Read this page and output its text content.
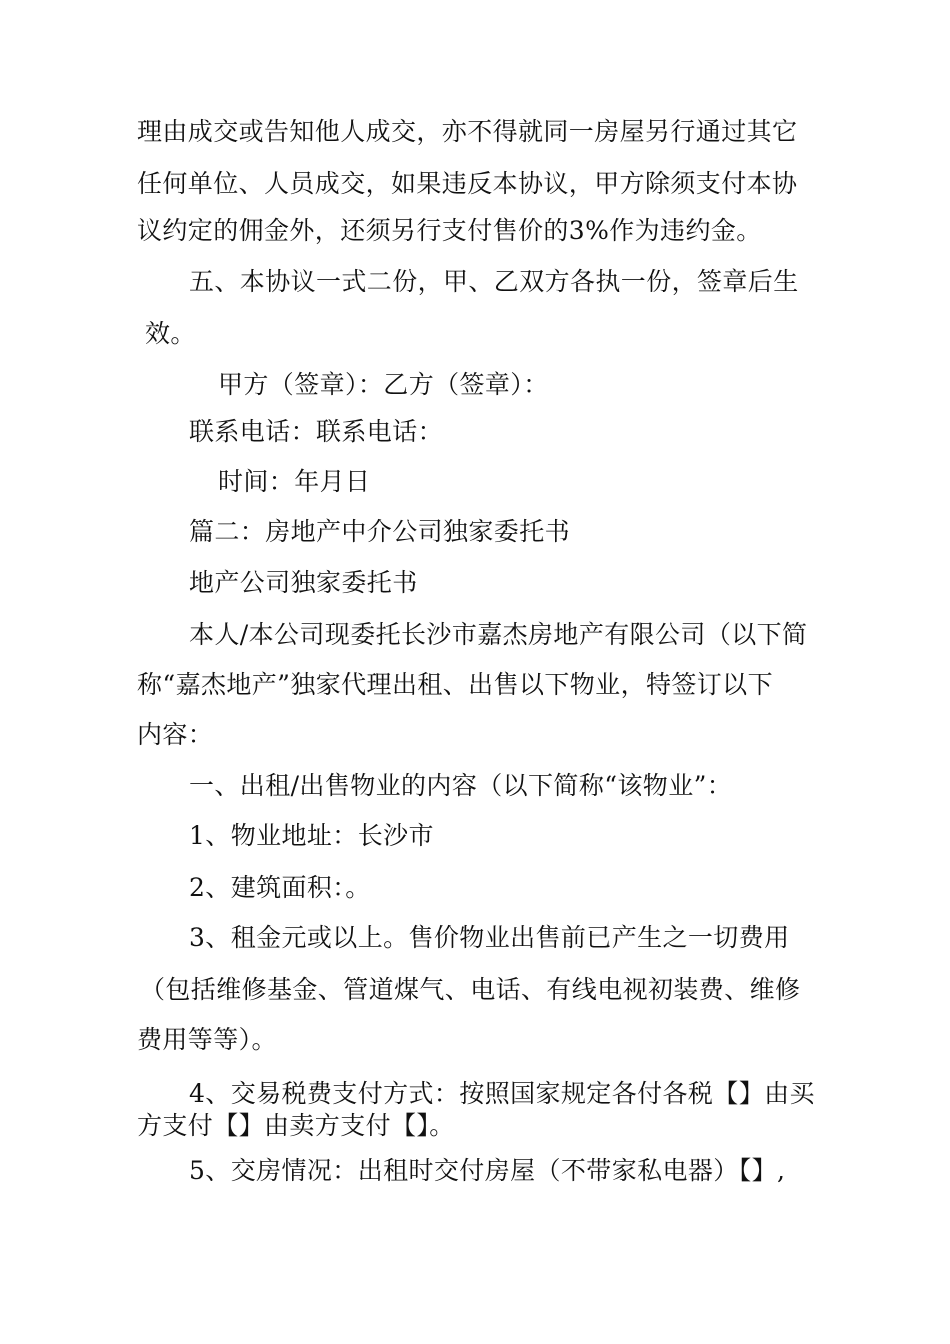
理由成交或告知他人成交，亦不得就同一房屋另行通过其它
任何单位、人员成交，如果违反本协议，甲方除须支付本协
议约定的佣金外，还须另行支付售价的3%作为违约金。
五、本协议一式二份，甲、乙双方各执一份，签章后生
效。
甲方（签章）：乙方（签章）：
联系电话：联系电话：
时间：年月日
篇二：房地产中介公司独家委托书
地产公司独家委托书
本人/本公司现委托长沙市嘉杰房地产有限公司（以下简
称“嘉杰地产”独家代理出租、出售以下物业，特签订以下
内容：
一、出租/出售物业的内容（以下简称“该物业”：
1、物业地址：长沙市
2、建筑面积：。
3、租金元或以上。售价物业出售前已产生之一切费用
（包括维修基金、管道煤气、电话、有线电视初装费、维修
费用等等）。
4、交易税费支付方式：按照国家规定各付各税【】由买
方支付【】由卖方支付【】。
5、交房情况：出租时交付房屋（不带家私电器）【】,
